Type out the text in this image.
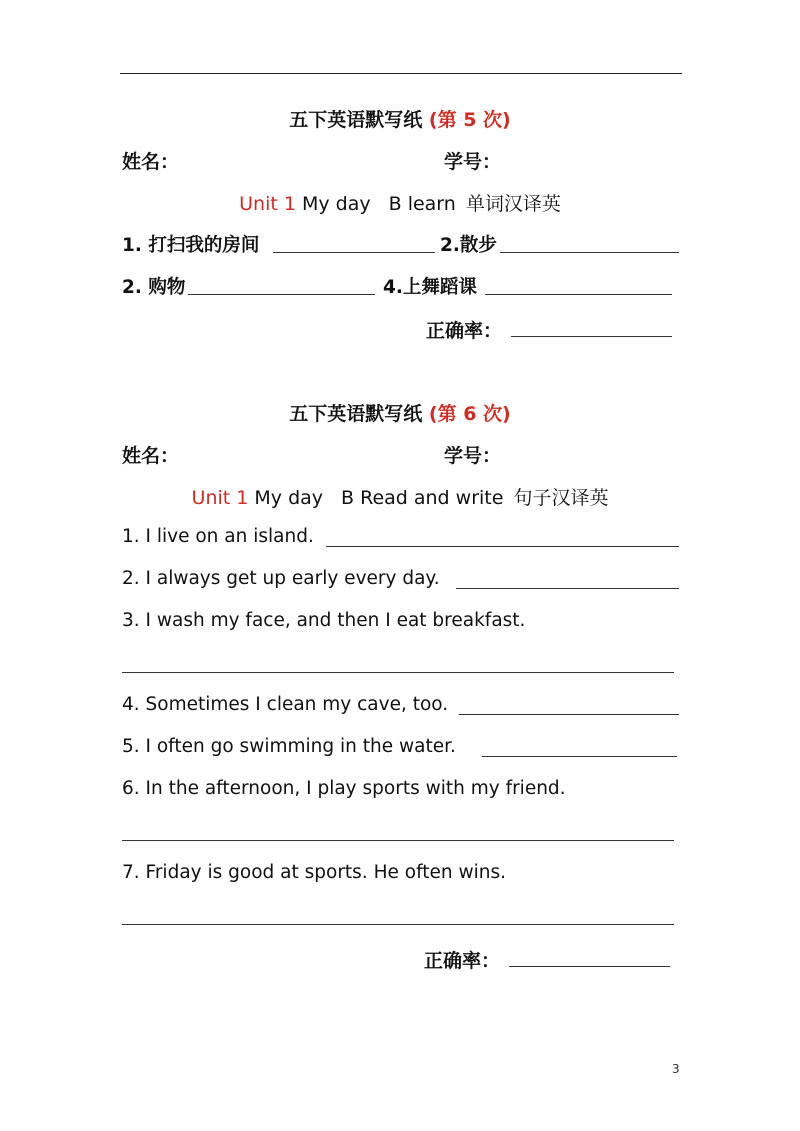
五下英语默写纸 (第 5 次)
姓名：	学号：
Unit 1 My day B learn 单词汉译英
1. 打扫我的房间	2.散步
2. 购物	4.上舞蹈课
正确率：
五下英语默写纸 (第 6 次)
姓名：	学号：
Unit 1 My day B Read and write 句子汉译英
1. I live on an island.
2. I always get up early every day.
3. I wash my face, and then I eat breakfast.
4. Sometimes I clean my cave, too.
5. I often go swimming in the water.
6. In the afternoon, I play sports with my friend.
7. Friday is good at sports. He often wins.
正确率：
3
